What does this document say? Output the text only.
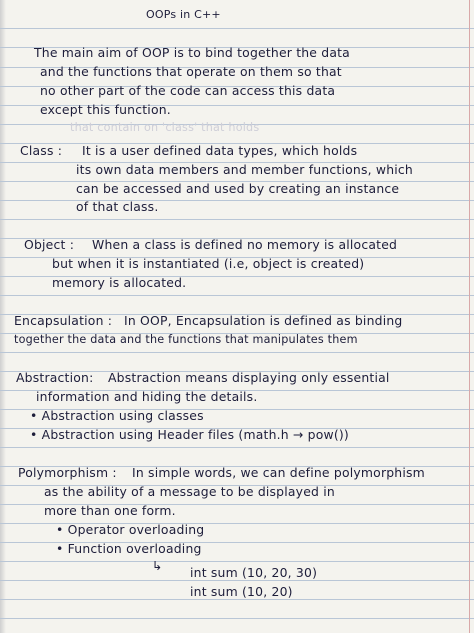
OOPs in C++
The main aim of OOP is to bind together the data
and the functions that operate on them so that
no other part of the code can access this data
except this function.
that contain on 'class' that holds
Class : It is a user defined data types, which holds
its own data members and member functions, which
can be accessed and used by creating an instance
of that class.
Object : When a class is defined no memory is allocated
but when it is instantiated (i.e, object is created)
memory is allocated.
Encapsulation : In OOP, Encapsulation is defined as binding
together the data and the functions that manipulates them
Abstraction: Abstraction means displaying only essential
information and hiding the details.
• Abstraction using classes
• Abstraction using Header files (math.h → pow())
Polymorphism : In simple words, we can define polymorphism
as the ability of a message to be displayed in
more than one form.
• Operator overloading
• Function overloading
↳ int sum (10, 20, 30)
int sum (10, 20)
